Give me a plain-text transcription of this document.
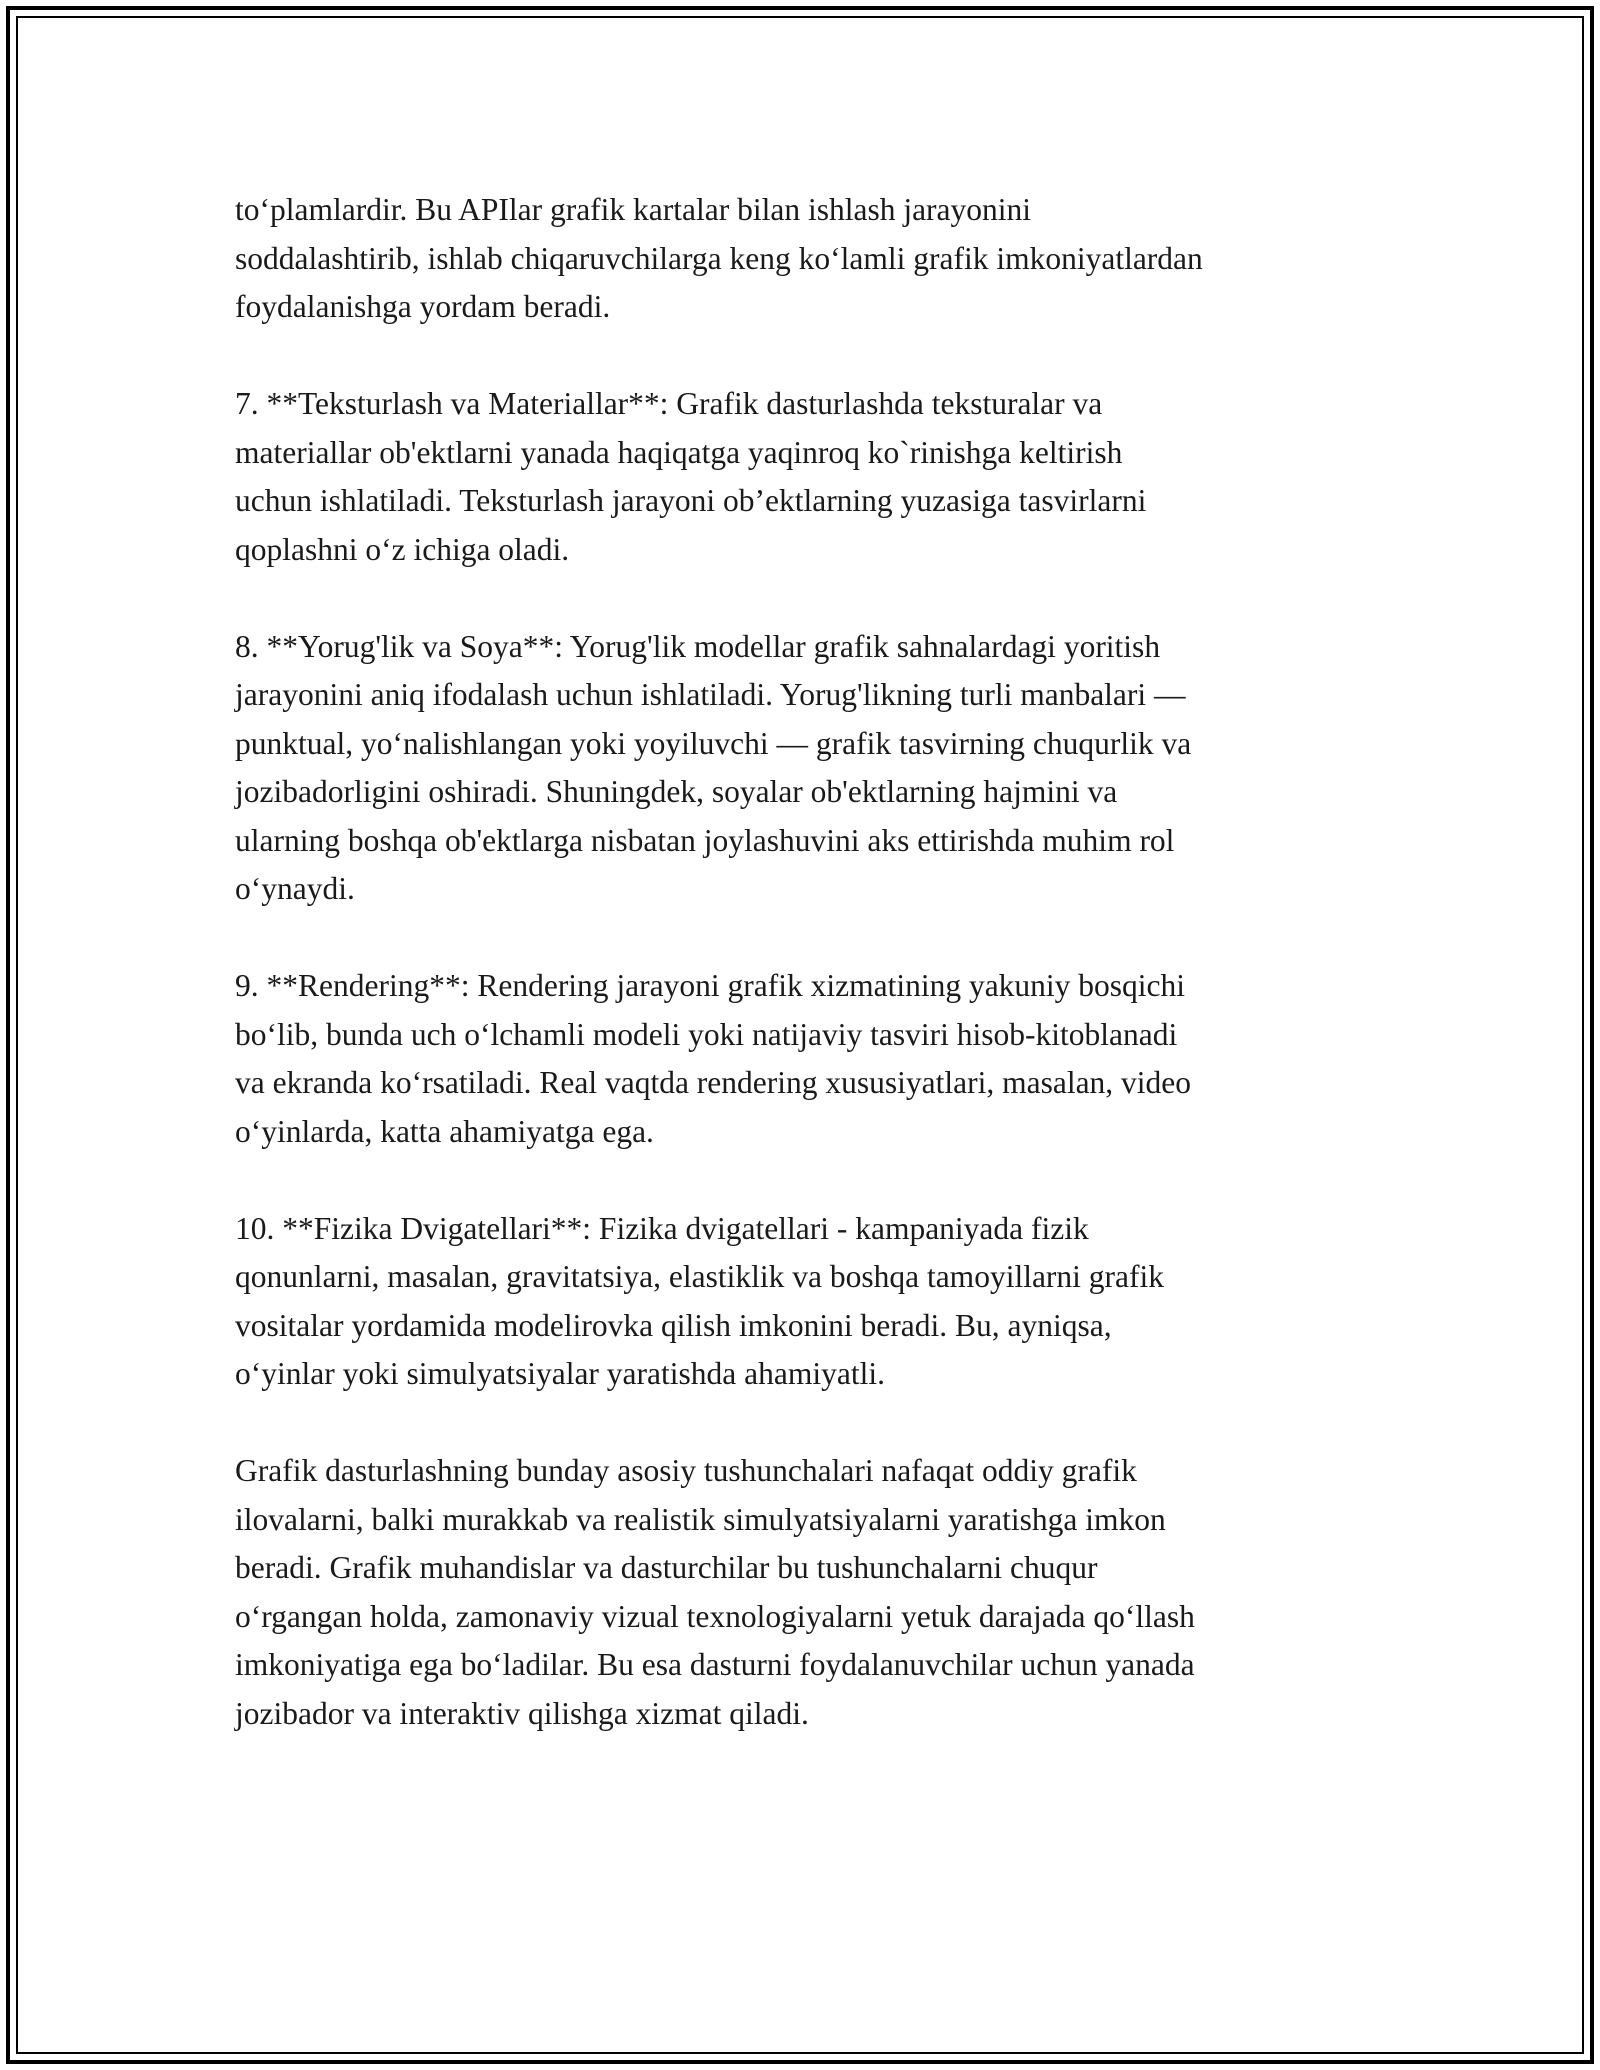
to‘plamlardir. Bu APIlar grafik kartalar bilan ishlash jarayonini
soddalashtirib, ishlab chiqaruvchilarga keng ko‘lamli grafik imkoniyatlardan
foydalanishga yordam beradi.
7. **Teksturlash va Materiallar**: Grafik dasturlashda teksturalar va
materiallar ob'ektlarni yanada haqiqatga yaqinroq ko`rinishga keltirish
uchun ishlatiladi. Teksturlash jarayoni ob’ektlarning yuzasiga tasvirlarni
qoplashni o‘z ichiga oladi.
8. **Yorug'lik va Soya**: Yorug'lik modellar grafik sahnalardagi yoritish
jarayonini aniq ifodalash uchun ishlatiladi. Yorug'likning turli manbalari —
punktual, yo‘nalishlangan yoki yoyiluvchi — grafik tasvirning chuqurlik va
jozibadorligini oshiradi. Shuningdek, soyalar ob'ektlarning hajmini va
ularning boshqa ob'ektlarga nisbatan joylashuvini aks ettirishda muhim rol
o‘ynaydi.
9. **Rendering**: Rendering jarayoni grafik xizmatining yakuniy bosqichi
bo‘lib, bunda uch o‘lchamli modeli yoki natijaviy tasviri hisob-kitoblanadi
va ekranda ko‘rsatiladi. Real vaqtda rendering xususiyatlari, masalan, video
o‘yinlarda, katta ahamiyatga ega.
10. **Fizika Dvigatellari**: Fizika dvigatellari - kampaniyada fizik
qonunlarni, masalan, gravitatsiya, elastiklik va boshqa tamoyillarni grafik
vositalar yordamida modelirovka qilish imkonini beradi. Bu, ayniqsa,
o‘yinlar yoki simulyatsiyalar yaratishda ahamiyatli.
Grafik dasturlashning bunday asosiy tushunchalari nafaqat oddiy grafik
ilovalarni, balki murakkab va realistik simulyatsiyalarni yaratishga imkon
beradi. Grafik muhandislar va dasturchilar bu tushunchalarni chuqur
o‘rgangan holda, zamonaviy vizual texnologiyalarni yetuk darajada qo‘llash
imkoniyatiga ega bo‘ladilar. Bu esa dasturni foydalanuvchilar uchun yanada
jozibador va interaktiv qilishga xizmat qiladi.
